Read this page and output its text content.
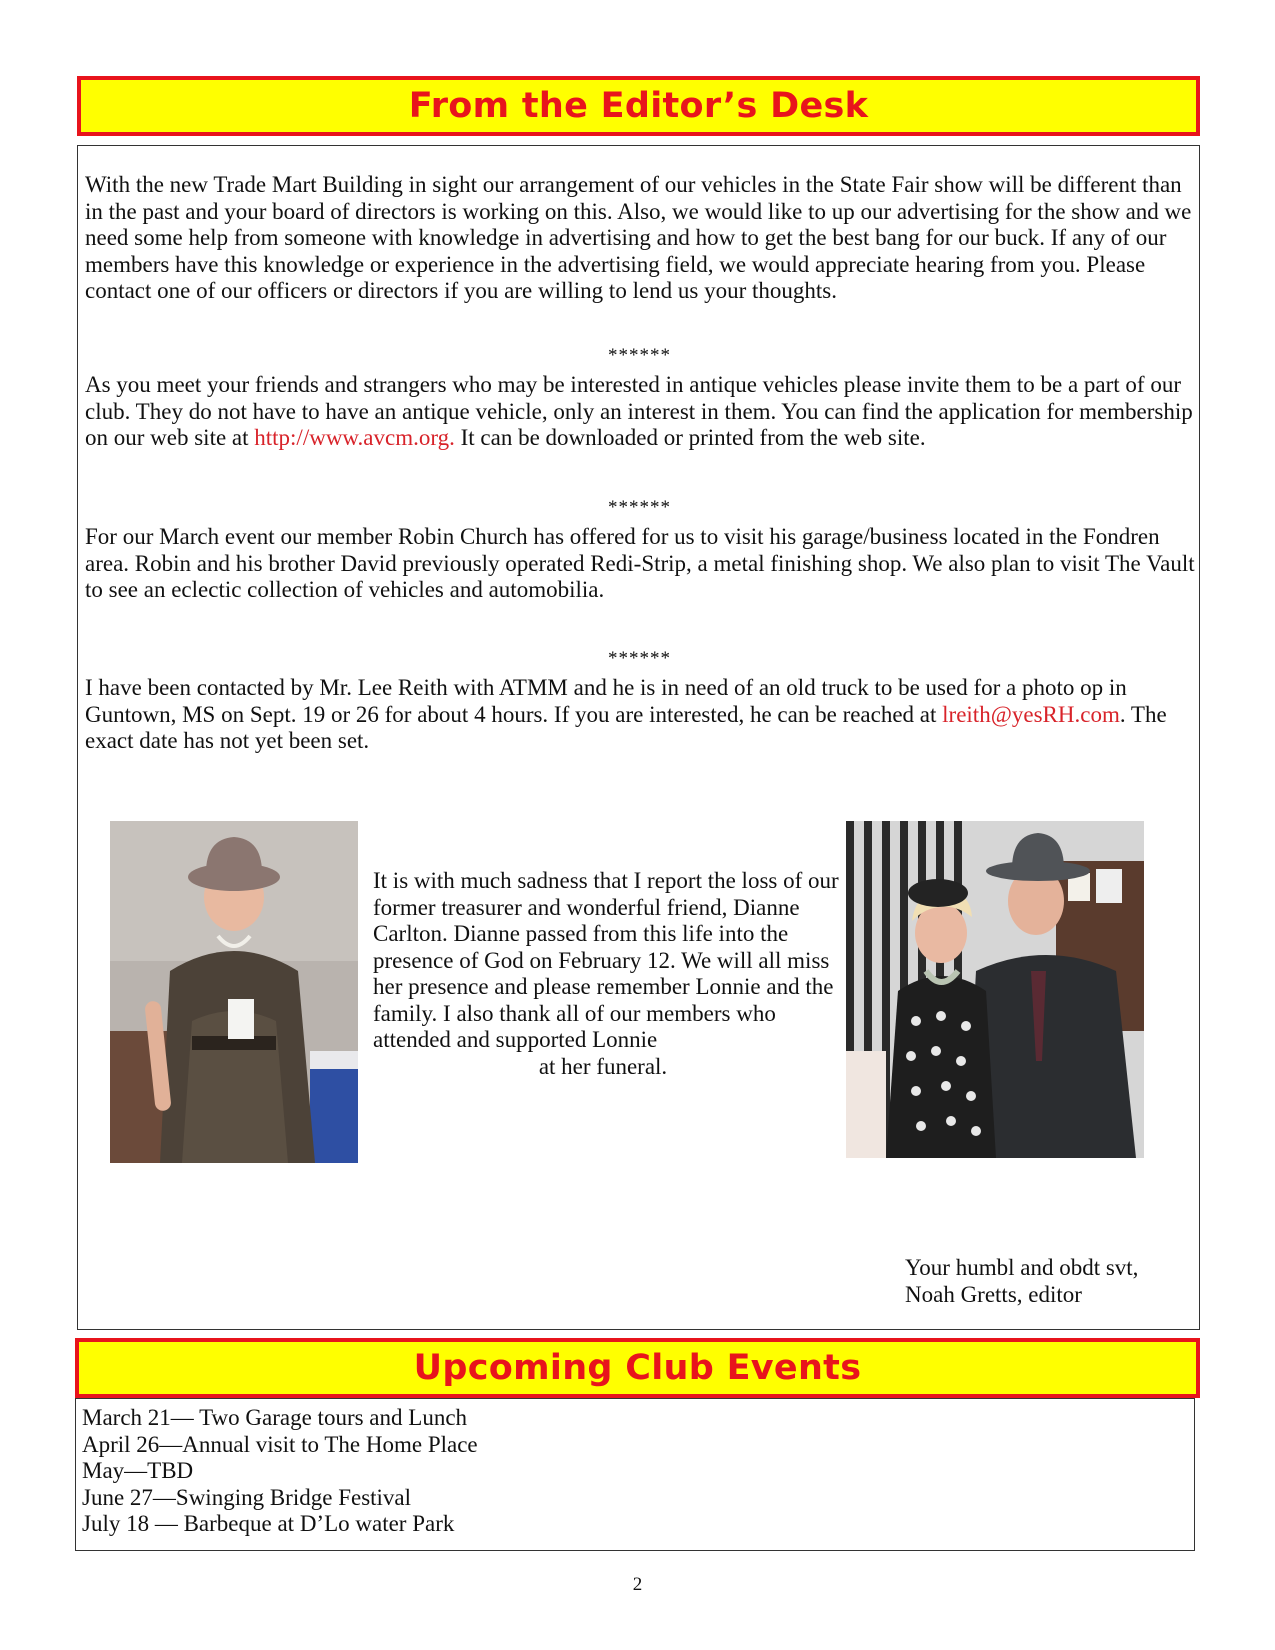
From the Editor’s Desk

With the new Trade Mart Building in sight our arrangement of our vehicles in the State Fair show will be different than in the past and your board of directors is working on this. Also, we would like to up our advertising for the show and we need some help from someone with knowledge in advertising and how to get the best bang for our buck. If any of our members have this knowledge or experience in the advertising field, we would appreciate hearing from you. Please contact one of our officers or directors if you are willing to lend us your thoughts.

******

As you meet your friends and strangers who may be interested in antique vehicles please invite them to be a part of our club. They do not have to have an antique vehicle, only an interest in them. You can find the application for membership on our web site at http://www.avcm.org. It can be downloaded or printed from the web site.

******

For our March event our member Robin Church has offered for us to visit his garage/business located in the Fondren area. Robin and his brother David previously operated Redi-Strip, a metal finishing shop. We also plan to visit The Vault to see an eclectic collection of vehicles and automobilia.

******

I have been contacted by Mr. Lee Reith with ATMM and he is in need of an old truck to be used for a photo op in Guntown, MS on Sept. 19 or 26 for about 4 hours. If you are interested, he can be reached at lreith@yesRH.com. The exact date has not yet been set.

It is with much sadness that I report the loss of our former treasurer and wonderful friend, Dianne Carlton. Dianne passed from this life into the presence of God on February 12. We will all miss her presence and please remember Lonnie and the family. I also thank all of our members who attended and supported Lonnie
at her funeral.
Your humbl and obdt svt,
Noah Gretts, editor
Upcoming Club Events
March 21— Two Garage tours and Lunch
April 26—Annual visit to The Home Place
May—TBD
June 27—Swinging Bridge Festival
July 18 — Barbeque at D’Lo water Park
2
